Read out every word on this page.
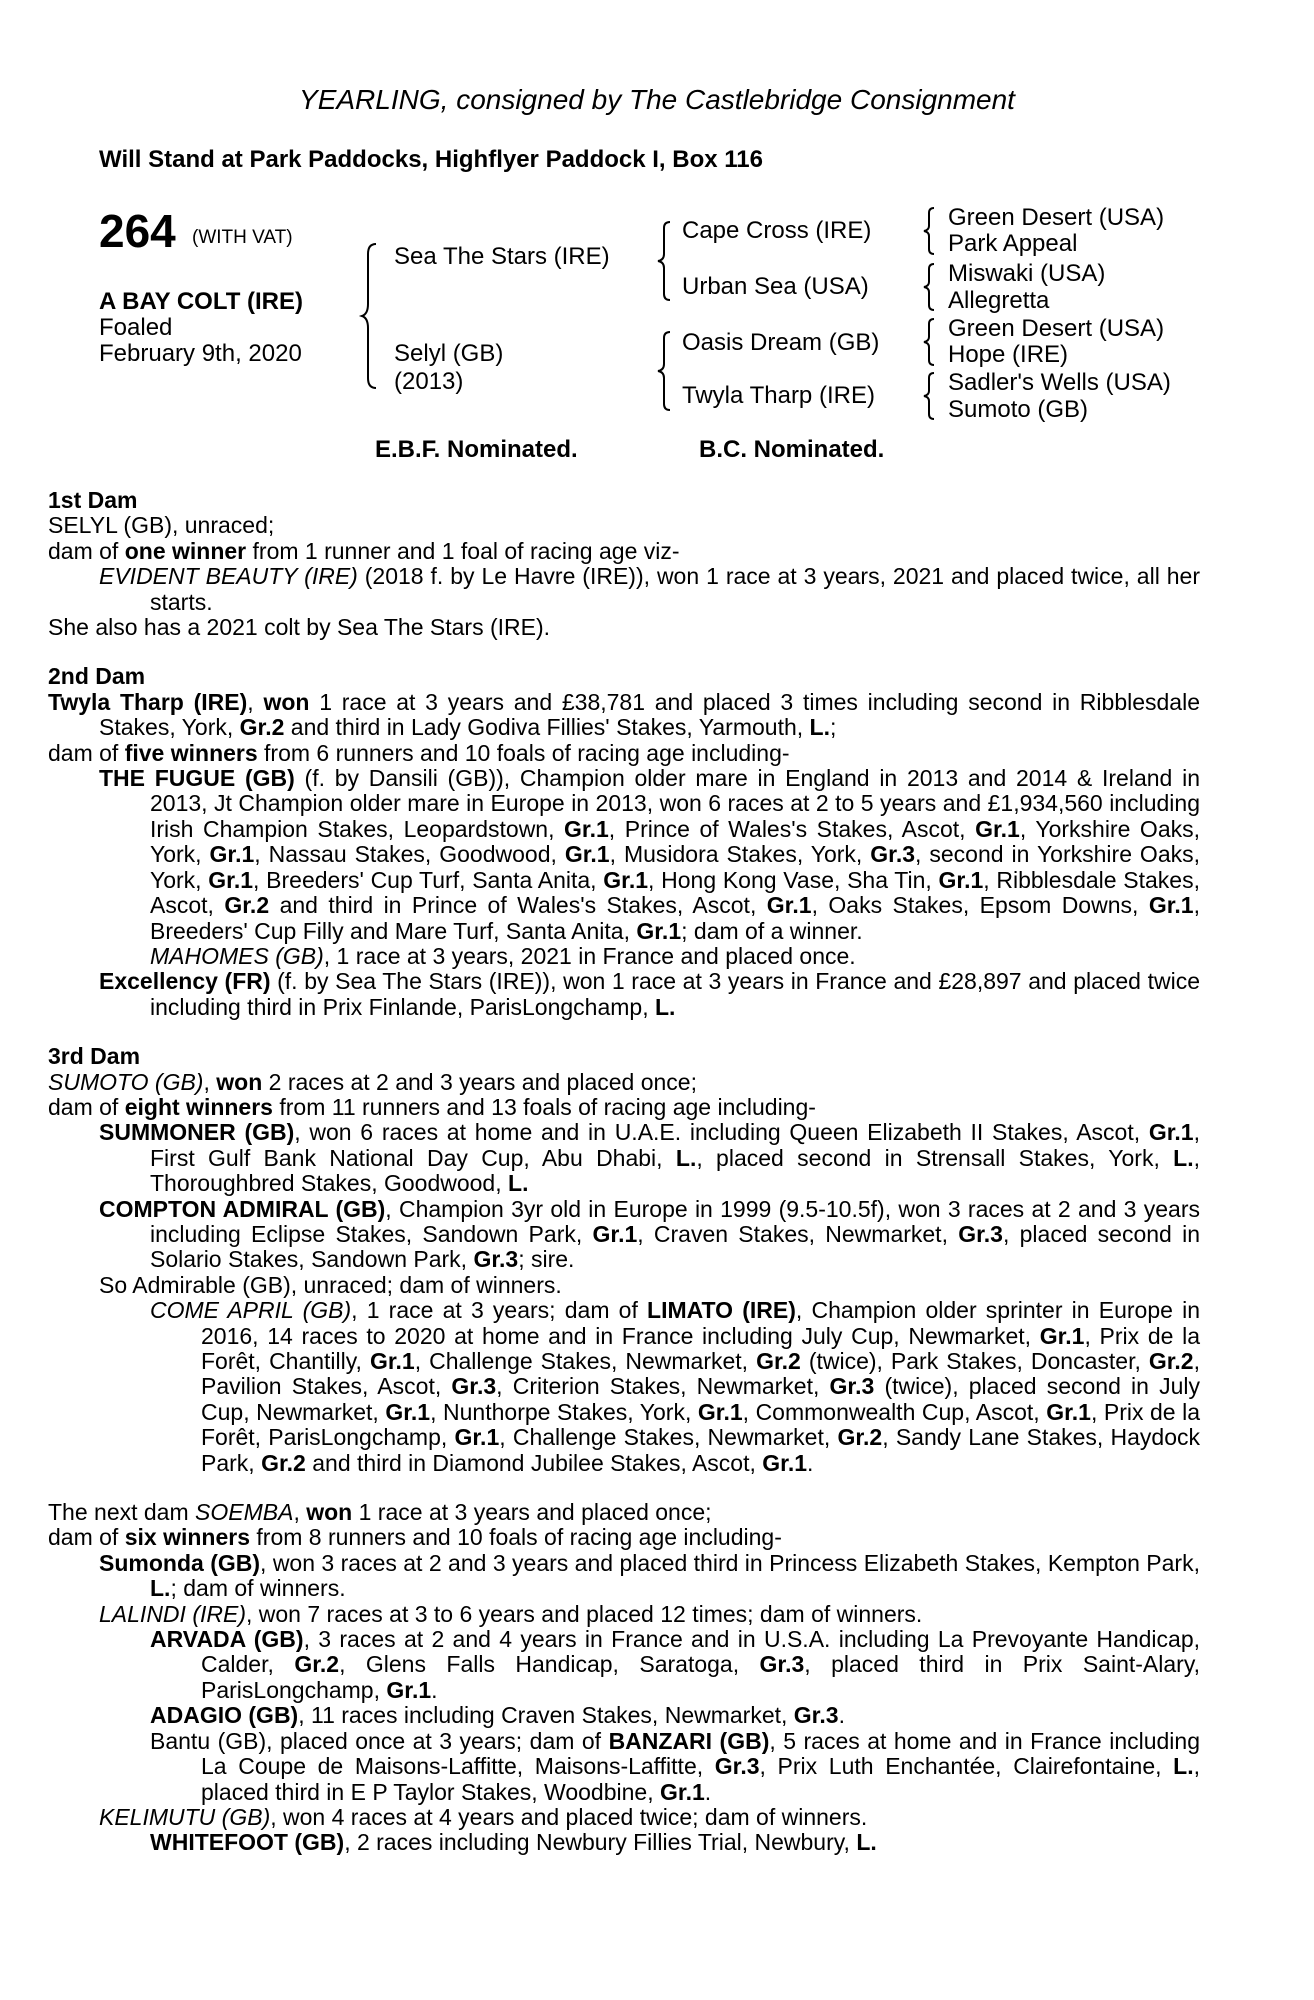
YEARLING, consigned by The Castlebridge Consignment
Will Stand at Park Paddocks, Highflyer Paddock I, Box 116
264 (WITH VAT)
A BAY COLT (IRE)
Foaled
February 9th, 2020
Sea The Stars (IRE)
Selyl (GB)
(2013)
Cape Cross (IRE)
Urban Sea (USA)
Oasis Dream (GB)
Twyla Tharp (IRE)
Green Desert (USA)
Park Appeal
Miswaki (USA)
Allegretta
Green Desert (USA)
Hope (IRE)
Sadler's Wells (USA)
Sumoto (GB)
E.B.F. Nominated.	B.C. Nominated.
1st Dam

SELYL (GB), unraced;

dam of one winner from 1 runner and 1 foal of racing age viz-

EVIDENT BEAUTY (IRE) (2018 f. by Le Havre (IRE)), won 1 race at 3 years, 2021 and placed twice, all her starts.

She also has a 2021 colt by Sea The Stars (IRE).

2nd Dam

Twyla Tharp (IRE), won 1 race at 3 years and £38,781 and placed 3 times including second in Ribblesdale Stakes, York, Gr.2 and third in Lady Godiva Fillies' Stakes, Yarmouth, L.;

dam of five winners from 6 runners and 10 foals of racing age including-

THE FUGUE (GB) (f. by Dansili (GB)), Champion older mare in England in 2013 and 2014 & Ireland in 2013, Jt Champion older mare in Europe in 2013, won 6 races at 2 to 5 years and £1,934,560 including Irish Champion Stakes, Leopardstown, Gr.1, Prince of Wales's Stakes, Ascot, Gr.1, Yorkshire Oaks, York, Gr.1, Nassau Stakes, Goodwood, Gr.1, Musidora Stakes, York, Gr.3, second in Yorkshire Oaks, York, Gr.1, Breeders' Cup Turf, Santa Anita, Gr.1, Hong Kong Vase, Sha Tin, Gr.1, Ribblesdale Stakes, Ascot, Gr.2 and third in Prince of Wales's Stakes, Ascot, Gr.1, Oaks Stakes, Epsom Downs, Gr.1, Breeders' Cup Filly and Mare Turf, Santa Anita, Gr.1; dam of a winner.

MAHOMES (GB), 1 race at 3 years, 2021 in France and placed once.

Excellency (FR) (f. by Sea The Stars (IRE)), won 1 race at 3 years in France and £28,897 and placed twice including third in Prix Finlande, ParisLongchamp, L.

3rd Dam

SUMOTO (GB), won 2 races at 2 and 3 years and placed once;

dam of eight winners from 11 runners and 13 foals of racing age including-

SUMMONER (GB), won 6 races at home and in U.A.E. including Queen Elizabeth II Stakes, Ascot, Gr.1, First Gulf Bank National Day Cup, Abu Dhabi, L., placed second in Strensall Stakes, York, L., Thoroughbred Stakes, Goodwood, L.

COMPTON ADMIRAL (GB), Champion 3yr old in Europe in 1999 (9.5-10.5f), won 3 races at 2 and 3 years including Eclipse Stakes, Sandown Park, Gr.1, Craven Stakes, Newmarket, Gr.3, placed second in Solario Stakes, Sandown Park, Gr.3; sire.

So Admirable (GB), unraced; dam of winners.

COME APRIL (GB), 1 race at 3 years; dam of LIMATO (IRE), Champion older sprinter in Europe in 2016, 14 races to 2020 at home and in France including July Cup, Newmarket, Gr.1, Prix de la Forêt, Chantilly, Gr.1, Challenge Stakes, Newmarket, Gr.2 (twice), Park Stakes, Doncaster, Gr.2, Pavilion Stakes, Ascot, Gr.3, Criterion Stakes, Newmarket, Gr.3 (twice), placed second in July Cup, Newmarket, Gr.1, Nunthorpe Stakes, York, Gr.1, Commonwealth Cup, Ascot, Gr.1, Prix de la Forêt, ParisLongchamp, Gr.1, Challenge Stakes, Newmarket, Gr.2, Sandy Lane Stakes, Haydock Park, Gr.2 and third in Diamond Jubilee Stakes, Ascot, Gr.1.

The next dam SOEMBA, won 1 race at 3 years and placed once;

dam of six winners from 8 runners and 10 foals of racing age including-

Sumonda (GB), won 3 races at 2 and 3 years and placed third in Princess Elizabeth Stakes, Kempton Park, L.; dam of winners.

LALINDI (IRE), won 7 races at 3 to 6 years and placed 12 times; dam of winners.

ARVADA (GB), 3 races at 2 and 4 years in France and in U.S.A. including La Prevoyante Handicap, Calder, Gr.2, Glens Falls Handicap, Saratoga, Gr.3, placed third in Prix Saint-Alary, ParisLongchamp, Gr.1.

ADAGIO (GB), 11 races including Craven Stakes, Newmarket, Gr.3.

Bantu (GB), placed once at 3 years; dam of BANZARI (GB), 5 races at home and in France including La Coupe de Maisons-Laffitte, Maisons-Laffitte, Gr.3, Prix Luth Enchantée, Clairefontaine, L., placed third in E P Taylor Stakes, Woodbine, Gr.1.

KELIMUTU (GB), won 4 races at 4 years and placed twice; dam of winners.

WHITEFOOT (GB), 2 races including Newbury Fillies Trial, Newbury, L.
